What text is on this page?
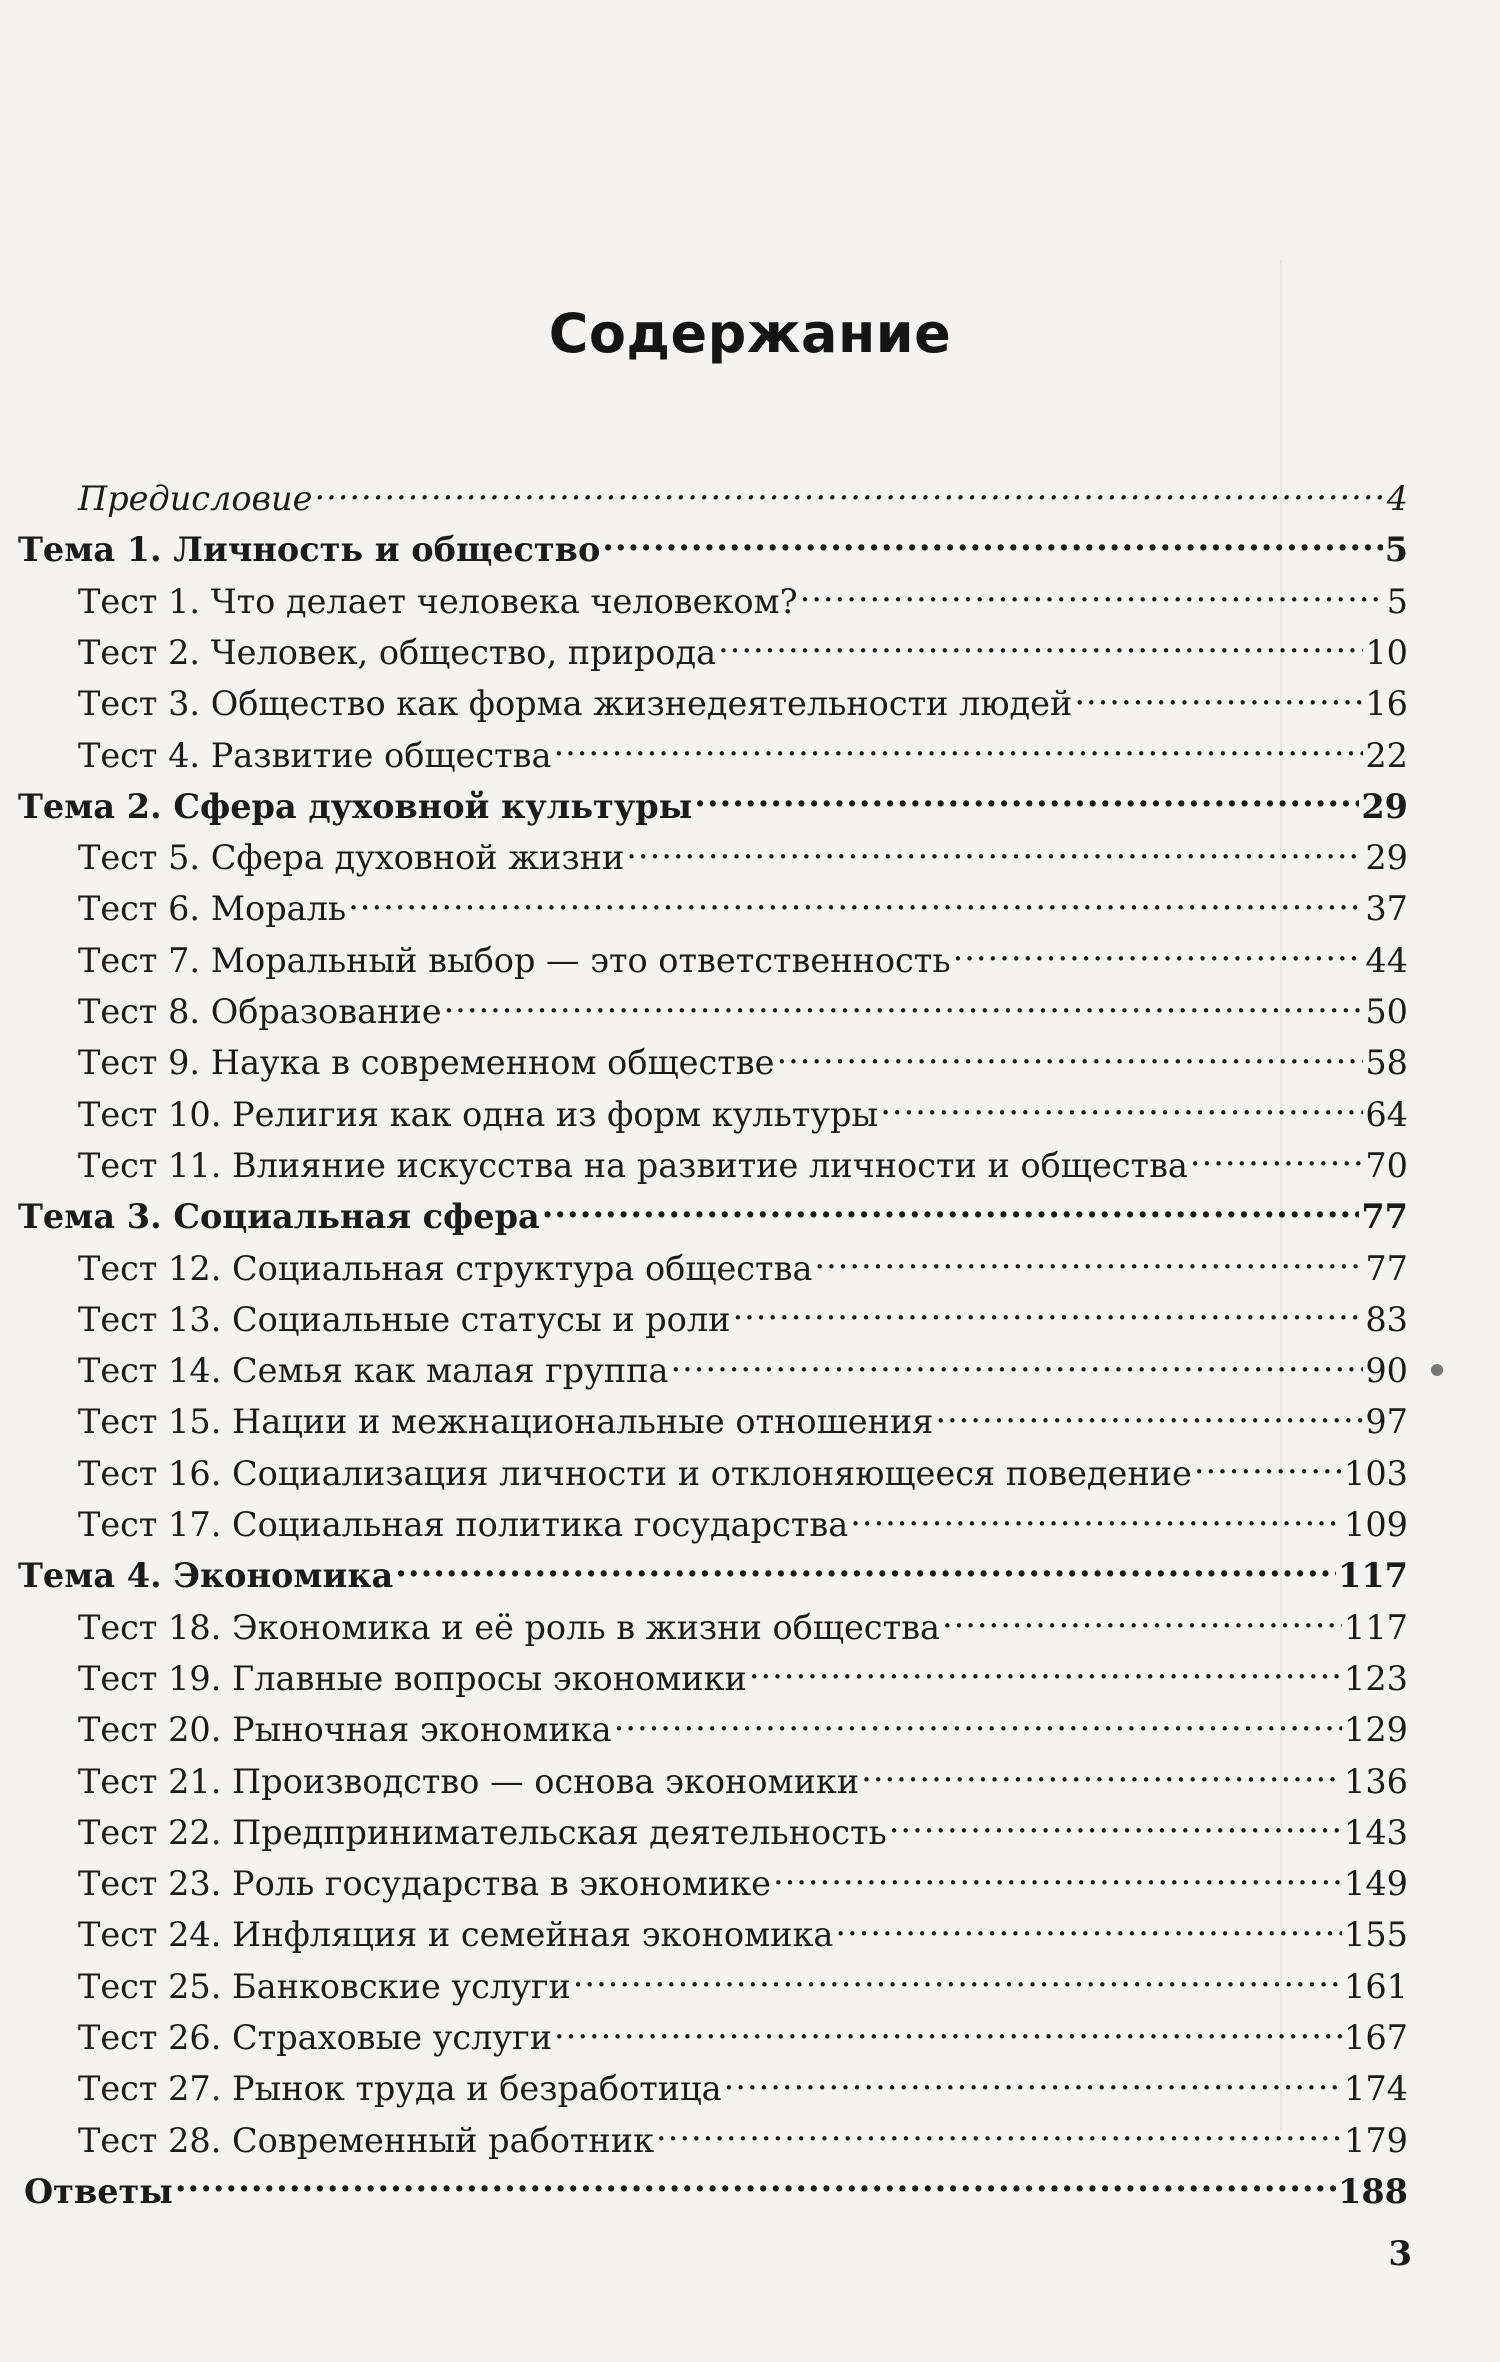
Содержание
Предисловие .....	4
Тема 1. Личность и общество .....	5
Тест 1. Что делает человека человеком? .....	5
Тест 2. Человек, общество, природа .....	10
Тест 3. Общество как форма жизнедеятельности людей .....	16
Тест 4. Развитие общества .....	22
Тема 2. Сфера духовной культуры .....	29
Тест 5. Сфера духовной жизни .....	29
Тест 6. Мораль .....	37
Тест 7. Моральный выбор — это ответственность .....	44
Тест 8. Образование .....	50
Тест 9. Наука в современном обществе .....	58
Тест 10. Религия как одна из форм культуры .....	64
Тест 11. Влияние искусства на развитие личности и общества .....	70
Тема 3. Социальная сфера .....	77
Тест 12. Социальная структура общества .....	77
Тест 13. Социальные статусы и роли .....	83
Тест 14. Семья как малая группа .....	90
Тест 15. Нации и межнациональные отношения .....	97
Тест 16. Социализация личности и отклоняющееся поведение .....	103
Тест 17. Социальная политика государства .....	109
Тема 4. Экономика .....	117
Тест 18. Экономика и её роль в жизни общества .....	117
Тест 19. Главные вопросы экономики .....	123
Тест 20. Рыночная экономика .....	129
Тест 21. Производство — основа экономики .....	136
Тест 22. Предпринимательская деятельность .....	143
Тест 23. Роль государства в экономике .....	149
Тест 24. Инфляция и семейная экономика .....	155
Тест 25. Банковские услуги .....	161
Тест 26. Страховые услуги .....	167
Тест 27. Рынок труда и безработица .....	174
Тест 28. Современный работник .....	179
Ответы .....	188
3
